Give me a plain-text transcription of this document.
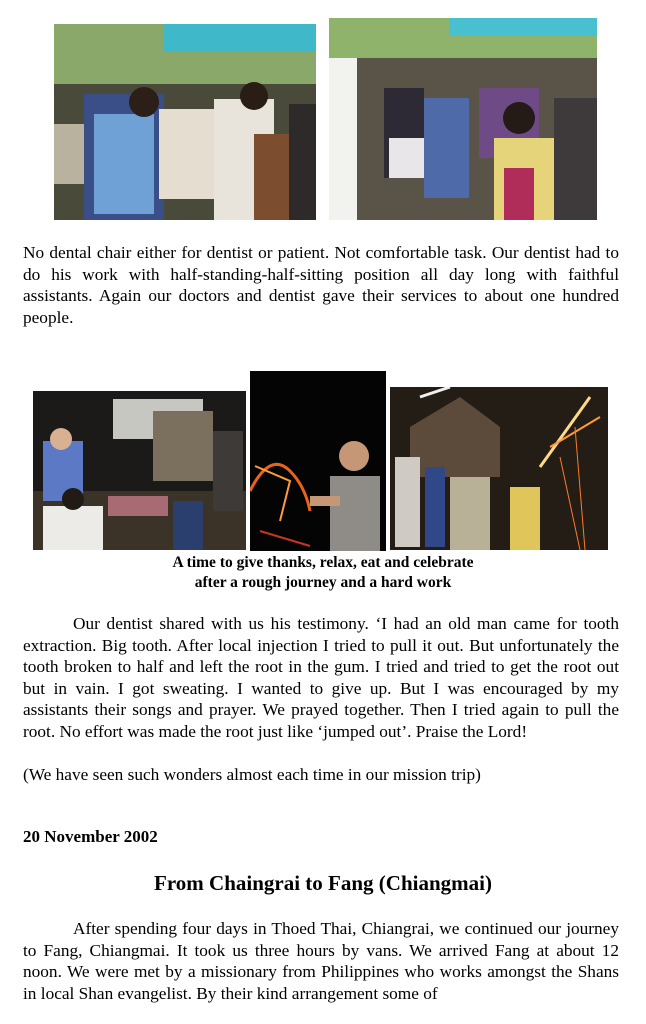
No dental chair either for dentist or patient. Not comfortable task. Our dentist had to do his work with half-standing-half-sitting position all day long with faithful assistants. Again our doctors and dentist gave their services to about one hundred people.
A time to give thanks, relax, eat and celebrate
after a rough journey and a hard work
Our dentist shared with us his testimony. ‘I had an old man came for tooth extraction. Big tooth. After local injection I tried to pull it out. But unfortunately the tooth broken to half and left the root in the gum. I tried and tried to get the root out but in vain. I got sweating. I wanted to give up. But I was encouraged by my assistants their songs and prayer. We prayed together. Then I tried again to pull the root. No effort was made the root just like ‘jumped out’. Praise the Lord!
(We have seen such wonders almost each time in our mission trip)
20 November 2002
From Chaingrai to Fang (Chiangmai)
After spending four days in Thoed Thai, Chiangrai, we continued our journey to Fang, Chiangmai. It took us three hours by vans. We arrived Fang at about 12 noon. We were met by a missionary from Philippines who works amongst the Shans in local Shan evangelist. By their kind arrangement some of
